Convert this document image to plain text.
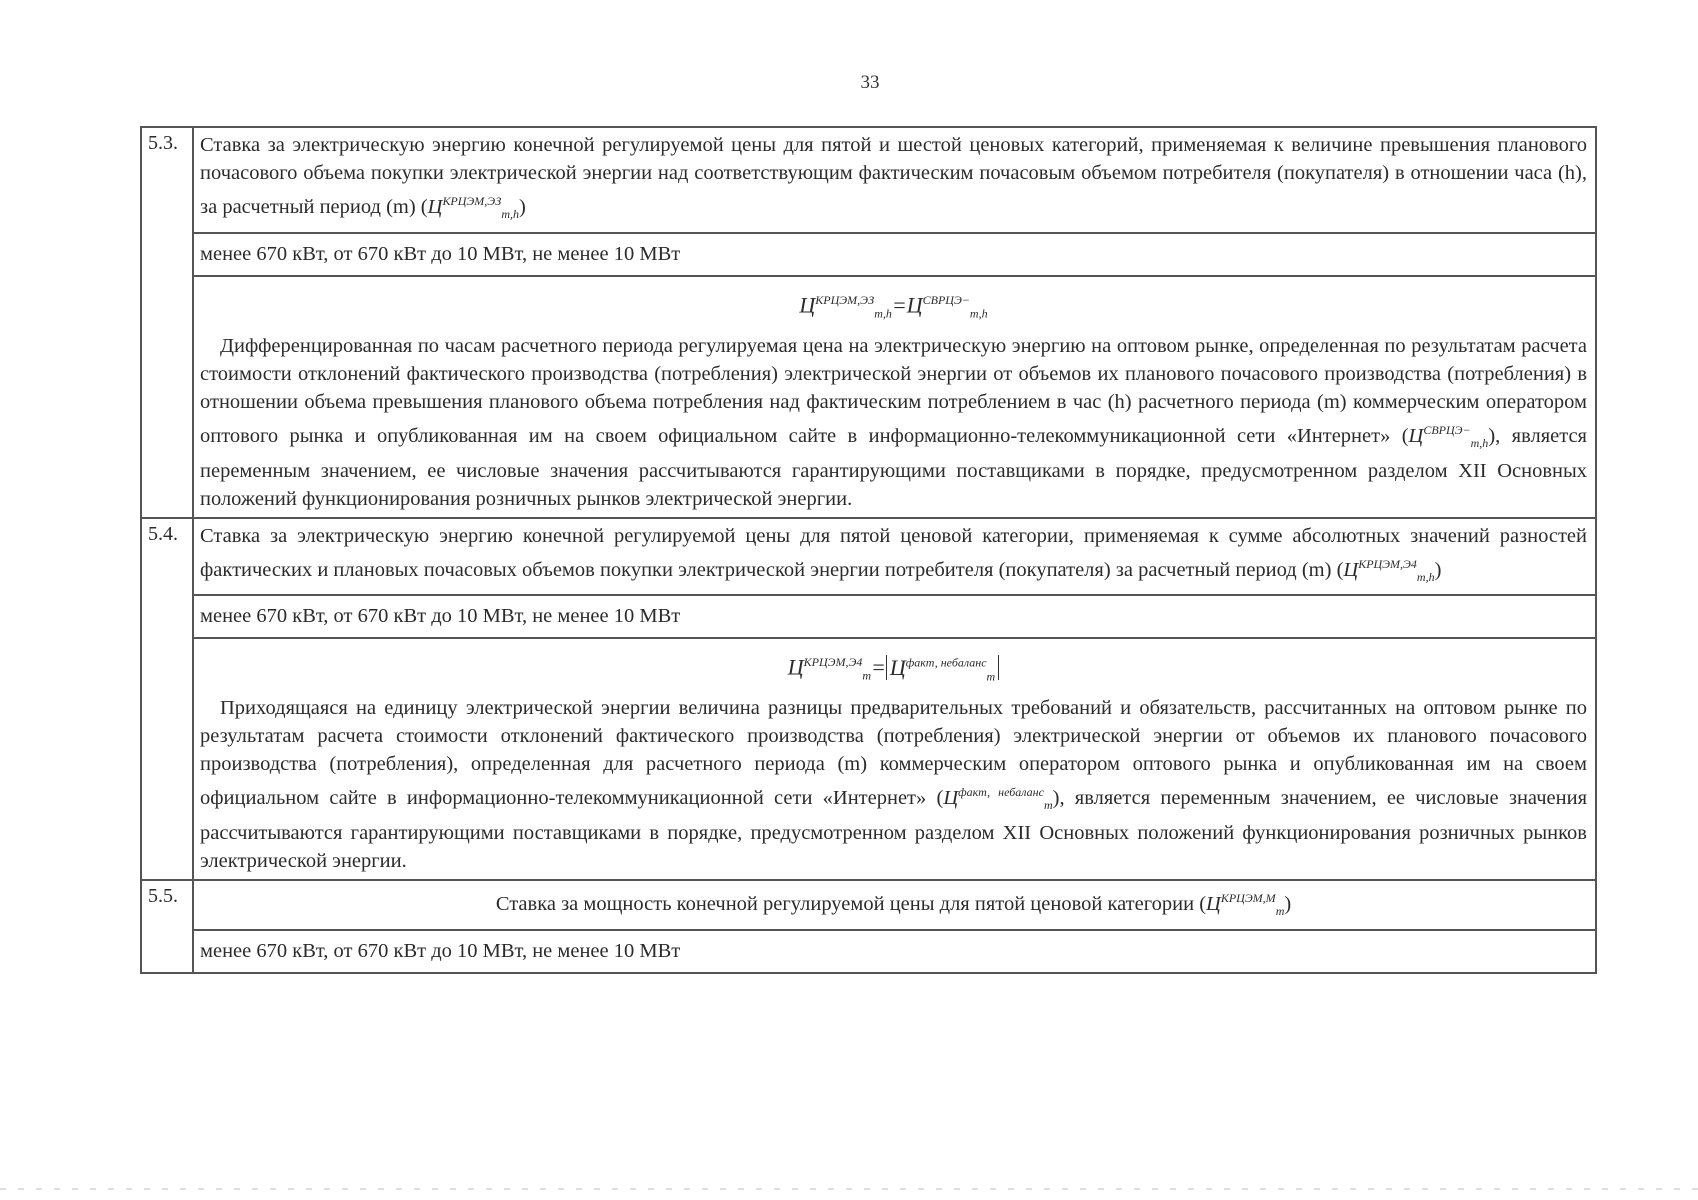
33
5.3.	Ставка за электрическую энергию конечной регулируемой цены для пятой и шестой ценовых категорий, применяемая к величине превышения планового почасового объема покупки электрической энергии над соответствующим фактическим почасовым объемом потребителя (покупателя) в отношении часа (h), за расчетный период (m) $(Ц^{КРЦЭМ,ЭЗ}_{m,h})$
менее 670 кВт, от 670 кВт до 10 МВт, не менее 10 МВт
$Ц^{КРЦЭМ,ЭЗ}_{m,h}=Ц^{СВРЦЭ-}_{m,h}$
Дифференцированная по часам расчетного периода регулируемая цена на электрическую энергию на оптовом рынке, определенная по результатам расчета стоимости отклонений фактического производства (потребления) электрической энергии от объемов их планового почасового производства (потребления) в отношении объема превышения планового объема потребления над фактическим потреблением в час (h) расчетного периода (m) коммерческим оператором оптового рынка и опубликованная им на своем официальном сайте в информационно-телекоммуникационной сети «Интернет» $(Ц^{СВРЦЭ-}_{m,h})$, является переменным значением, ее числовые значения рассчитываются гарантирующими поставщиками в порядке, предусмотренном разделом XII Основных положений функционирования розничных рынков электрической энергии.
5.4.	Ставка за электрическую энергию конечной регулируемой цены для пятой ценовой категории, применяемая к сумме абсолютных значений разностей фактических и плановых почасовых объемов покупки электрической энергии потребителя (покупателя) за расчетный период (m) $(Ц^{КРЦЭМ,Э4}_{m,h})$
менее 670 кВт, от 670 кВт до 10 МВт, не менее 10 МВт
$Ц^{КРЦЭМ,Э4}_m= Ц^{факт, небаланс}_m$
Приходящаяся на единицу электрической энергии величина разницы предварительных требований и обязательств, рассчитанных на оптовом рынке по результатам расчета стоимости отклонений фактического производства (потребления) электрической энергии от объемов их планового почасового производства (потребления), определенная для расчетного периода (m) коммерческим оператором оптового рынка и опубликованная им на своем официальном сайте в информационно-телекоммуникационной сети «Интернет» $(Ц^{факт, небаланс}_m)$, является переменным значением, ее числовые значения рассчитываются гарантирующими поставщиками в порядке, предусмотренном разделом XII Основных положений функционирования розничных рынков электрической энергии.
5.5.	Ставка за мощность конечной регулируемой цены для пятой ценовой категории $(Ц^{КРЦЭМ,М}_m)$
менее 670 кВт, от 670 кВт до 10 МВт, не менее 10 МВт
